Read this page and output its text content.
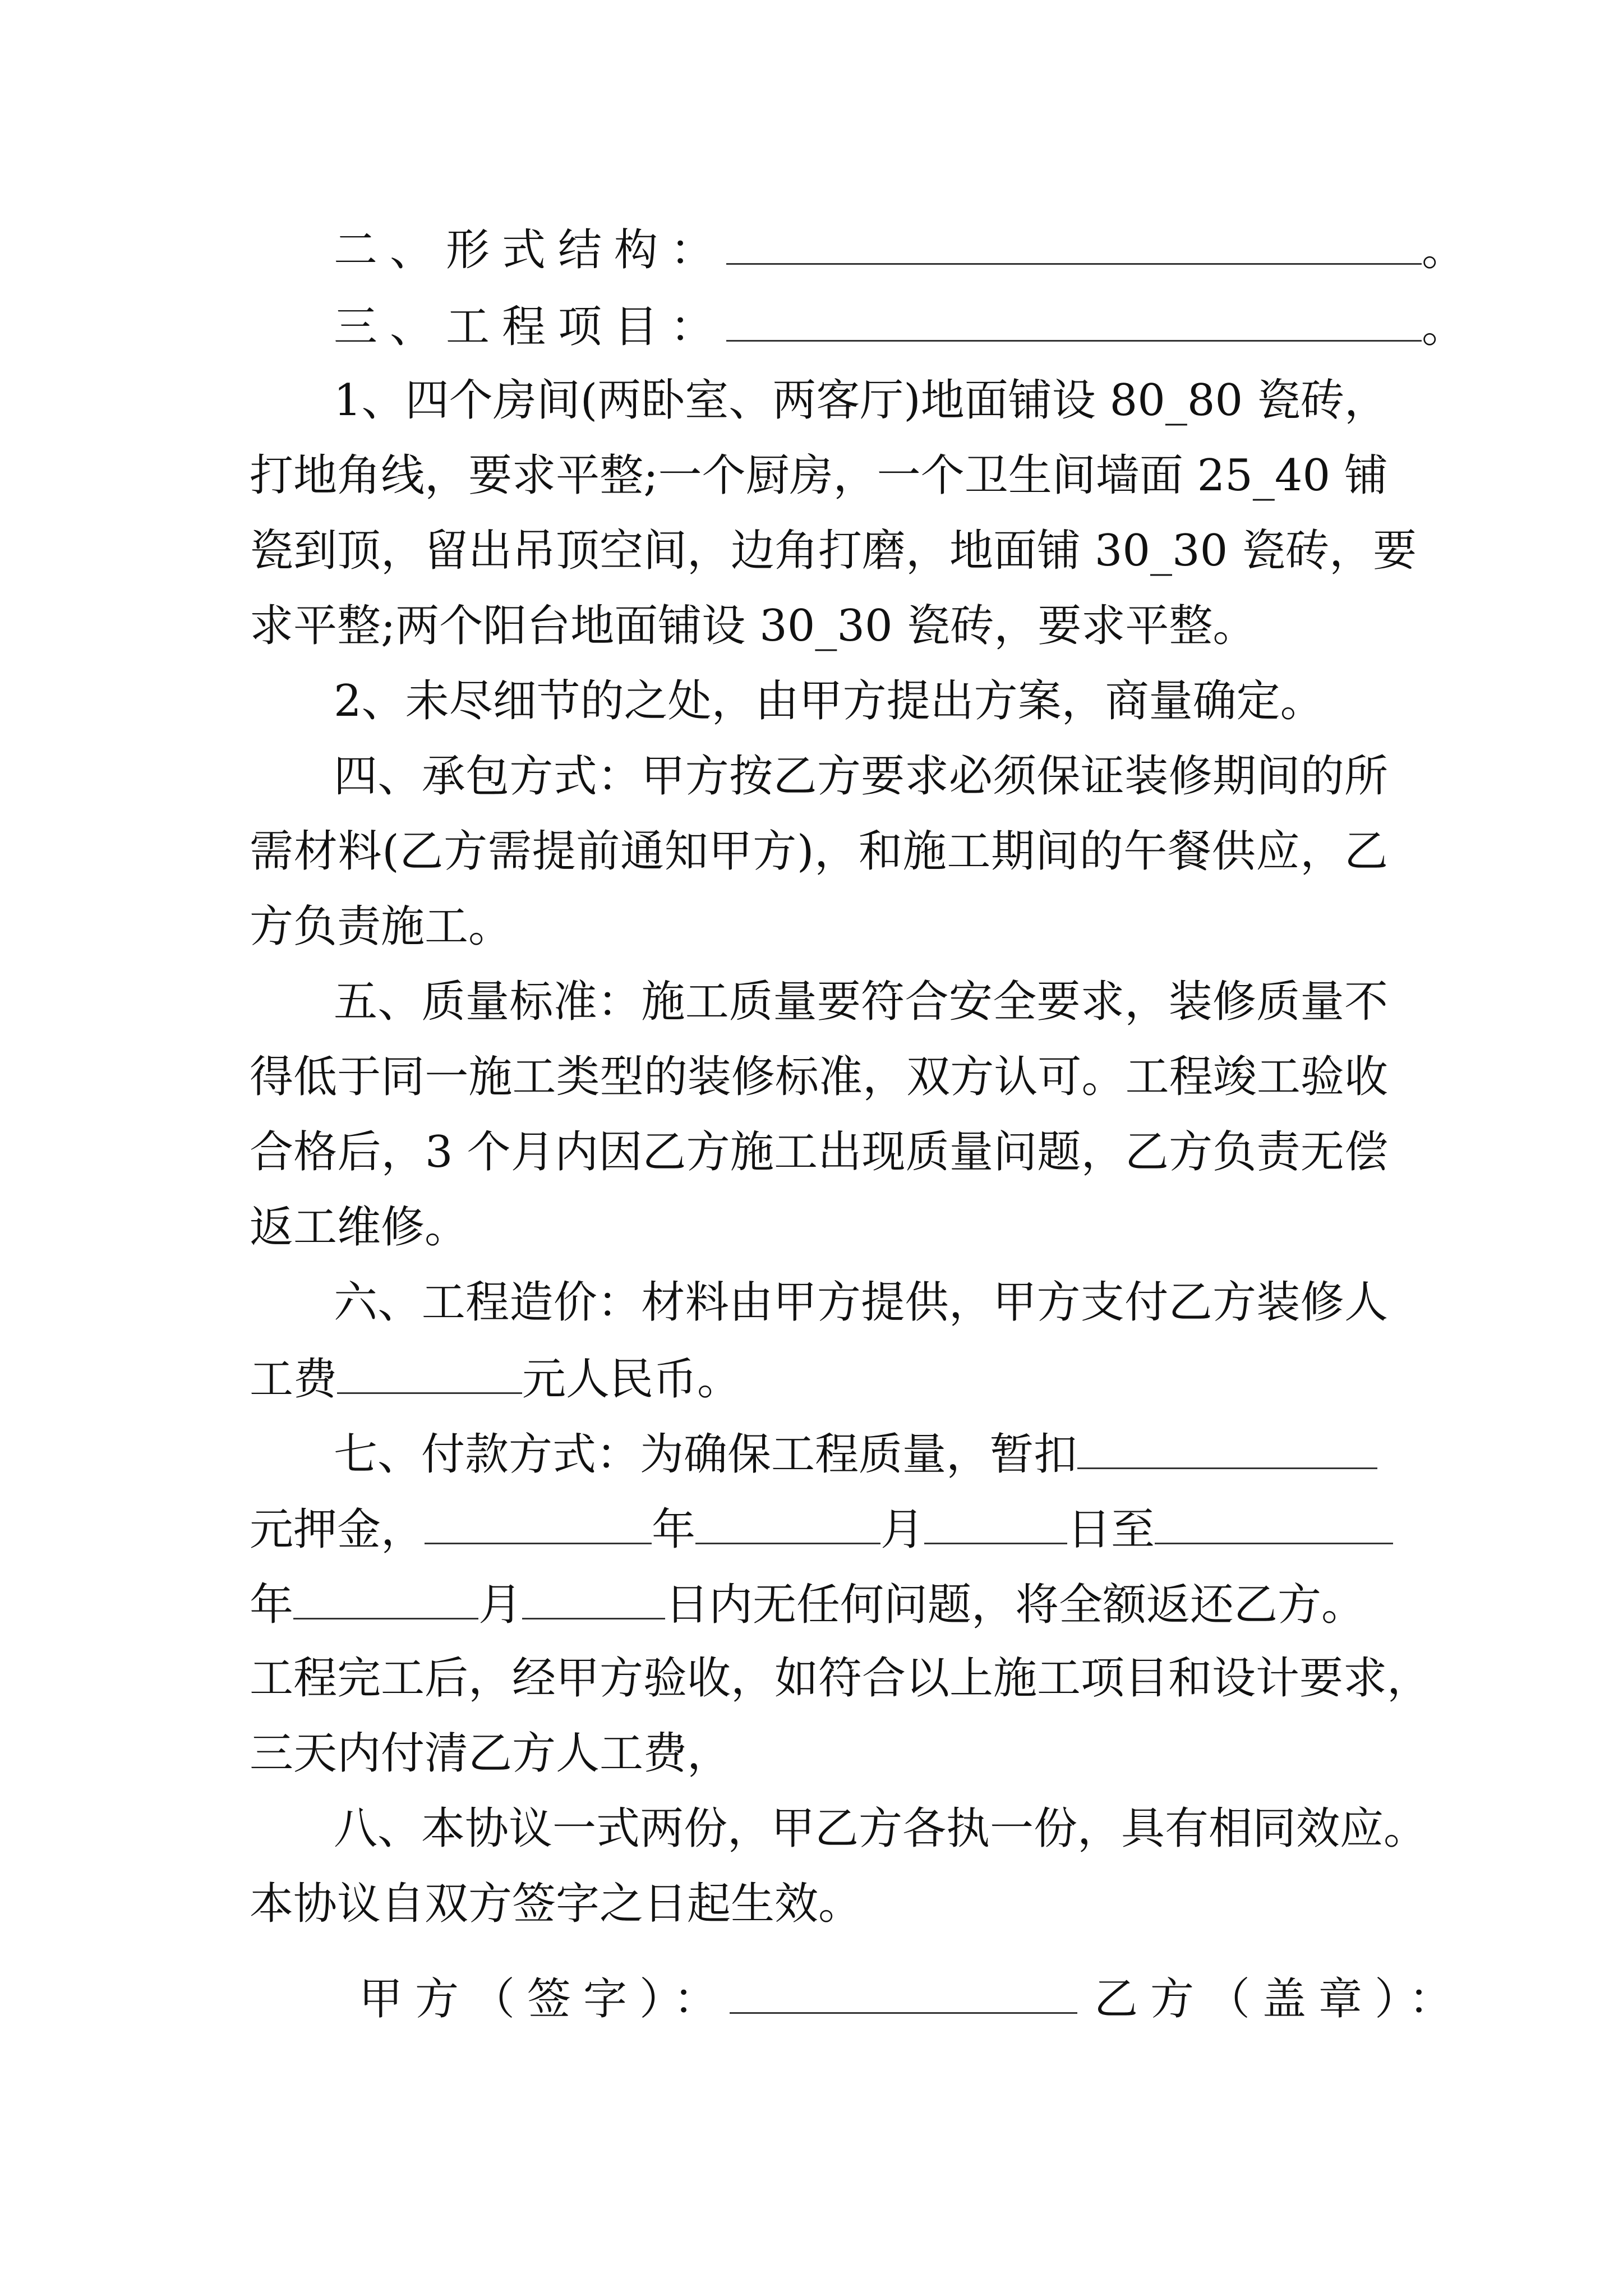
二、形式结构：	。
三、工程项目：	。
1、四个房间(两卧室、两客厅)地面铺设 80_80 瓷砖，
打地角线，要求平整;一个厨房，一个卫生间墙面 25_40 铺
瓷到顶，留出吊顶空间，边角打磨，地面铺 30_30 瓷砖，要
求平整;两个阳台地面铺设 30_30 瓷砖，要求平整。
2、未尽细节的之处，由甲方提出方案，商量确定。
四、承包方式：甲方按乙方要求必须保证装修期间的所
需材料(乙方需提前通知甲方)，和施工期间的午餐供应，乙
方负责施工。
五、质量标准：施工质量要符合安全要求，装修质量不
得低于同一施工类型的装修标准，双方认可。工程竣工验收
合格后，3 个月内因乙方施工出现质量问题，乙方负责无偿
返工维修。
六、工程造价：材料由甲方提供，甲方支付乙方装修人
工费	元人民币。
七、付款方式：为确保工程质量，暂扣
元押金，	年	月	日至
年	月	日内无任何问题，将全额返还乙方。
工程完工后，经甲方验收，如符合以上施工项目和设计要求，
三天内付清乙方人工费，
八、本协议一式两份，甲乙方各执一份，具有相同效应。
本协议自双方签字之日起生效。
甲方（签字）：	乙方（盖章）：
